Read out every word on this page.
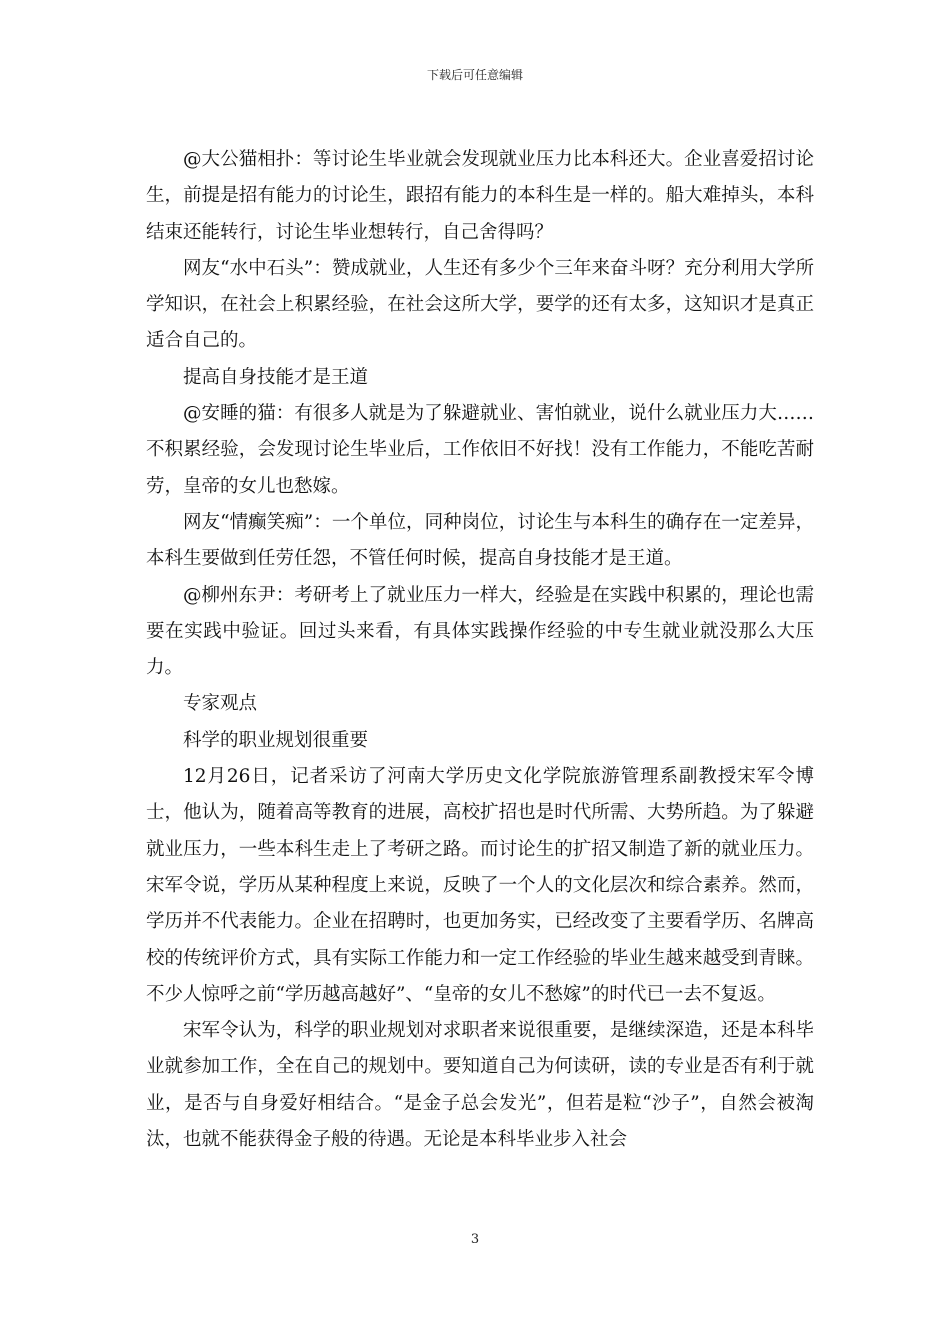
下载后可任意编辑

@大公猫相扑：等讨论生毕业就会发现就业压力比本科还大。企业喜爱招讨论生，前提是招有能力的讨论生，跟招有能力的本科生是一样的。船大难掉头，本科结束还能转行，讨论生毕业想转行，自己舍得吗？

网友“水中石头”：赞成就业，人生还有多少个三年来奋斗呀？充分利用大学所学知识，在社会上积累经验，在社会这所大学，要学的还有太多，这知识才是真正适合自己的。

提高自身技能才是王道

@安睡的猫：有很多人就是为了躲避就业、害怕就业，说什么就业压力大……不积累经验，会发现讨论生毕业后，工作依旧不好找！没有工作能力，不能吃苦耐劳，皇帝的女儿也愁嫁。

网友“情癫笑痴”：一个单位，同种岗位，讨论生与本科生的确存在一定差异，本科生要做到任劳任怨，不管任何时候，提高自身技能才是王道。

@柳州东尹：考研考上了就业压力一样大，经验是在实践中积累的，理论也需要在实践中验证。回过头来看，有具体实践操作经验的中专生就业就没那么大压力。

专家观点

科学的职业规划很重要

12月26日，记者采访了河南大学历史文化学院旅游管理系副教授宋军令博士，他认为，随着高等教育的进展，高校扩招也是时代所需、大势所趋。为了躲避就业压力，一些本科生走上了考研之路。而讨论生的扩招又制造了新的就业压力。宋军令说，学历从某种程度上来说，反映了一个人的文化层次和综合素养。然而，学历并不代表能力。企业在招聘时，也更加务实，已经改变了主要看学历、名牌高校的传统评价方式，具有实际工作能力和一定工作经验的毕业生越来越受到青睐。不少人惊呼之前“学历越高越好”、“皇帝的女儿不愁嫁”的时代已一去不复返。

宋军令认为，科学的职业规划对求职者来说很重要，是继续深造，还是本科毕业就参加工作，全在自己的规划中。要知道自己为何读研，读的专业是否有利于就业，是否与自身爱好相结合。“是金子总会发光”，但若是粒“沙子”，自然会被淘汰，也就不能获得金子般的待遇。无论是本科毕业步入社会

3
